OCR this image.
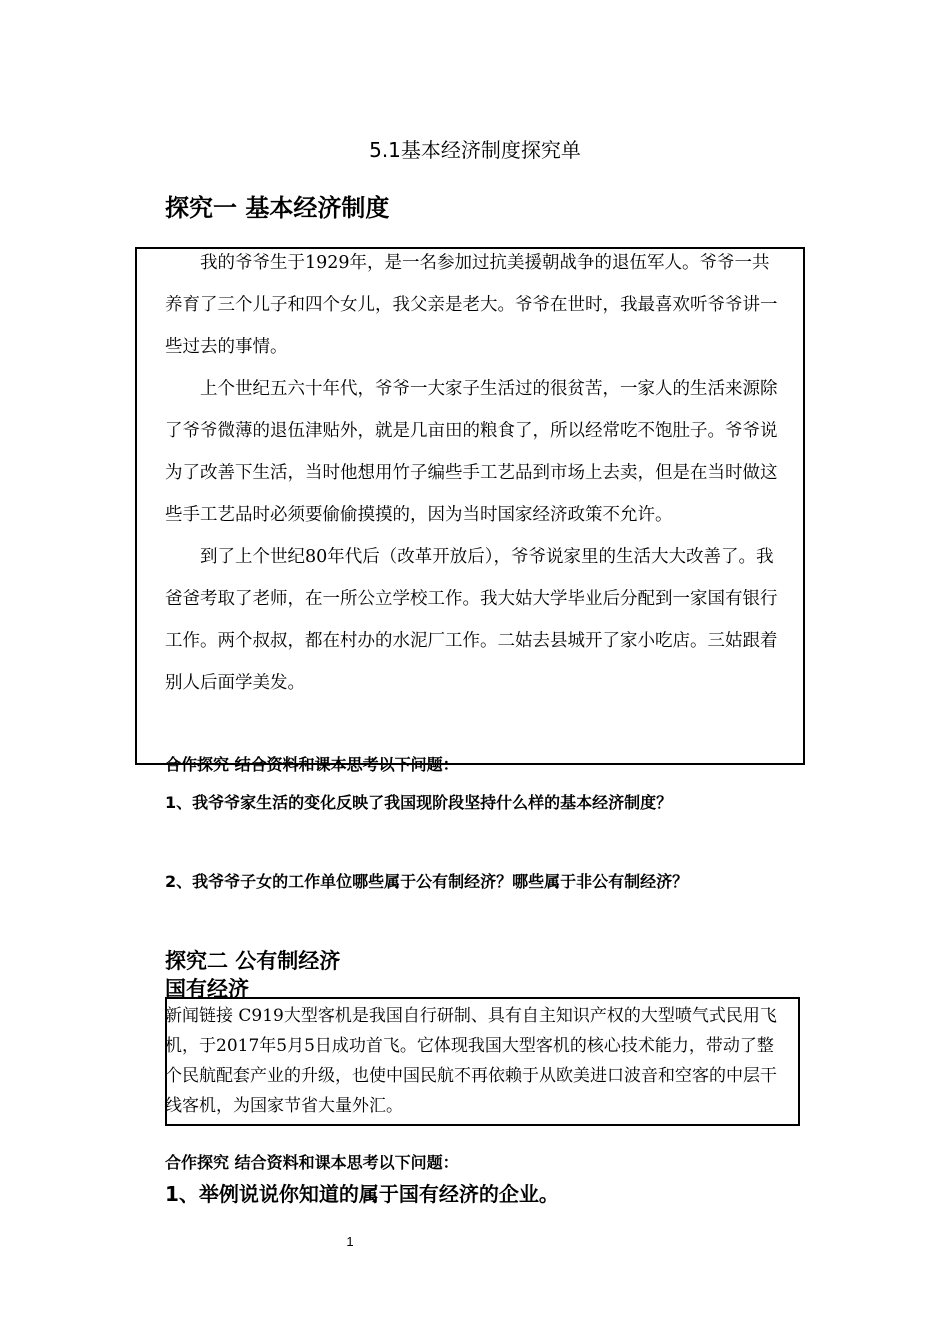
5.1基本经济制度探究单
探究一 基本经济制度

我的爷爷生于1929年，是一名参加过抗美援朝战争的退伍军人。爷爷一共养育了三个儿子和四个女儿，我父亲是老大。爷爷在世时，我最喜欢听爷爷讲一些过去的事情。

上个世纪五六十年代，爷爷一大家子生活过的很贫苦，一家人的生活来源除了爷爷微薄的退伍津贴外，就是几亩田的粮食了，所以经常吃不饱肚子。爷爷说为了改善下生活，当时他想用竹子编些手工艺品到市场上去卖，但是在当时做这些手工艺品时必须要偷偷摸摸的，因为当时国家经济政策不允许。

到了上个世纪80年代后（改革开放后），爷爷说家里的生活大大改善了。我爸爸考取了老师，在一所公立学校工作。我大姑大学毕业后分配到一家国有银行工作。两个叔叔，都在村办的水泥厂工作。二姑去县城开了家小吃店。三姑跟着别人后面学美发。

合作探究 结合资料和课本思考以下问题：
1、我爷爷家生活的变化反映了我国现阶段坚持什么样的基本经济制度？
2、我爷爷子女的工作单位哪些属于公有制经济？哪些属于非公有制经济？
探究二 公有制经济
国有经济
新闻链接 C919大型客机是我国自行研制、具有自主知识产权的大型喷气式民用飞机，于2017年5月5日成功首飞。它体现我国大型客机的核心技术能力，带动了整个民航配套产业的升级，也使中国民航不再依赖于从欧美进口波音和空客的中层干线客机，为国家节省大量外汇。
合作探究 结合资料和课本思考以下问题：
1、举例说说你知道的属于国有经济的企业。
1
